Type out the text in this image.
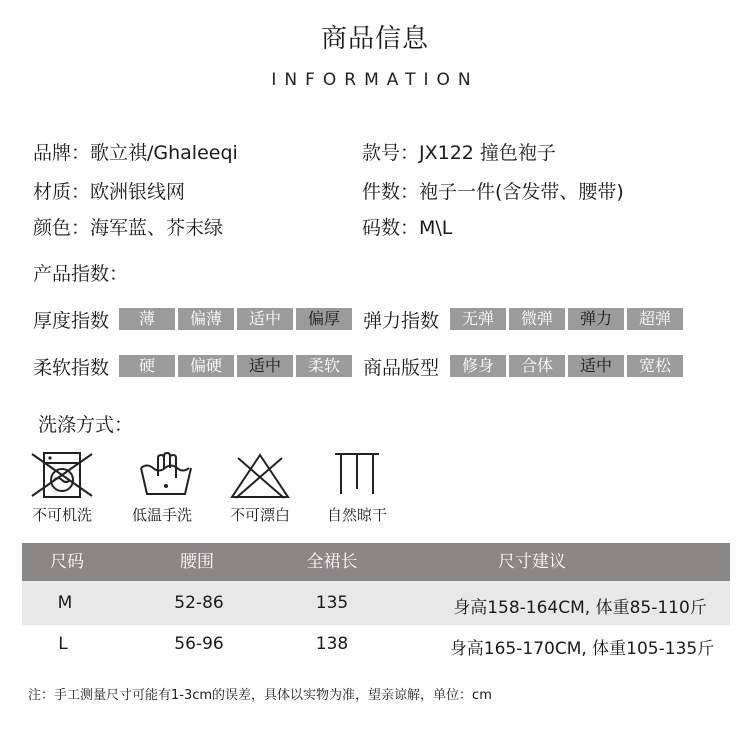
商品信息
INFORMATION
品牌：歌立祺/Ghaleeqi	款号：JX122 撞色袍子
材质：欧洲银线网	件数：袍子一件(含发带、腰带)
颜色：海军蓝、芥末绿	码数：M\L
产品指数：
厚度指数	薄	偏薄	适中	偏厚	弹力指数	无弹	微弹	弹力	超弹
柔软指数	硬	偏硬	适中	柔软	商品版型	修身	合体	适中	宽松
洗涤方式：
不可机洗	低温手洗	不可漂白	自然晾干
尺码	腰围	全裙长	尺寸建议
M	52-86	135	身高158-164CM, 体重85-110斤
L	56-96	138	身高165-170CM, 体重105-135斤
注：手工测量尺寸可能有1-3cm的误差，具体以实物为准，望亲谅解，单位：cm
